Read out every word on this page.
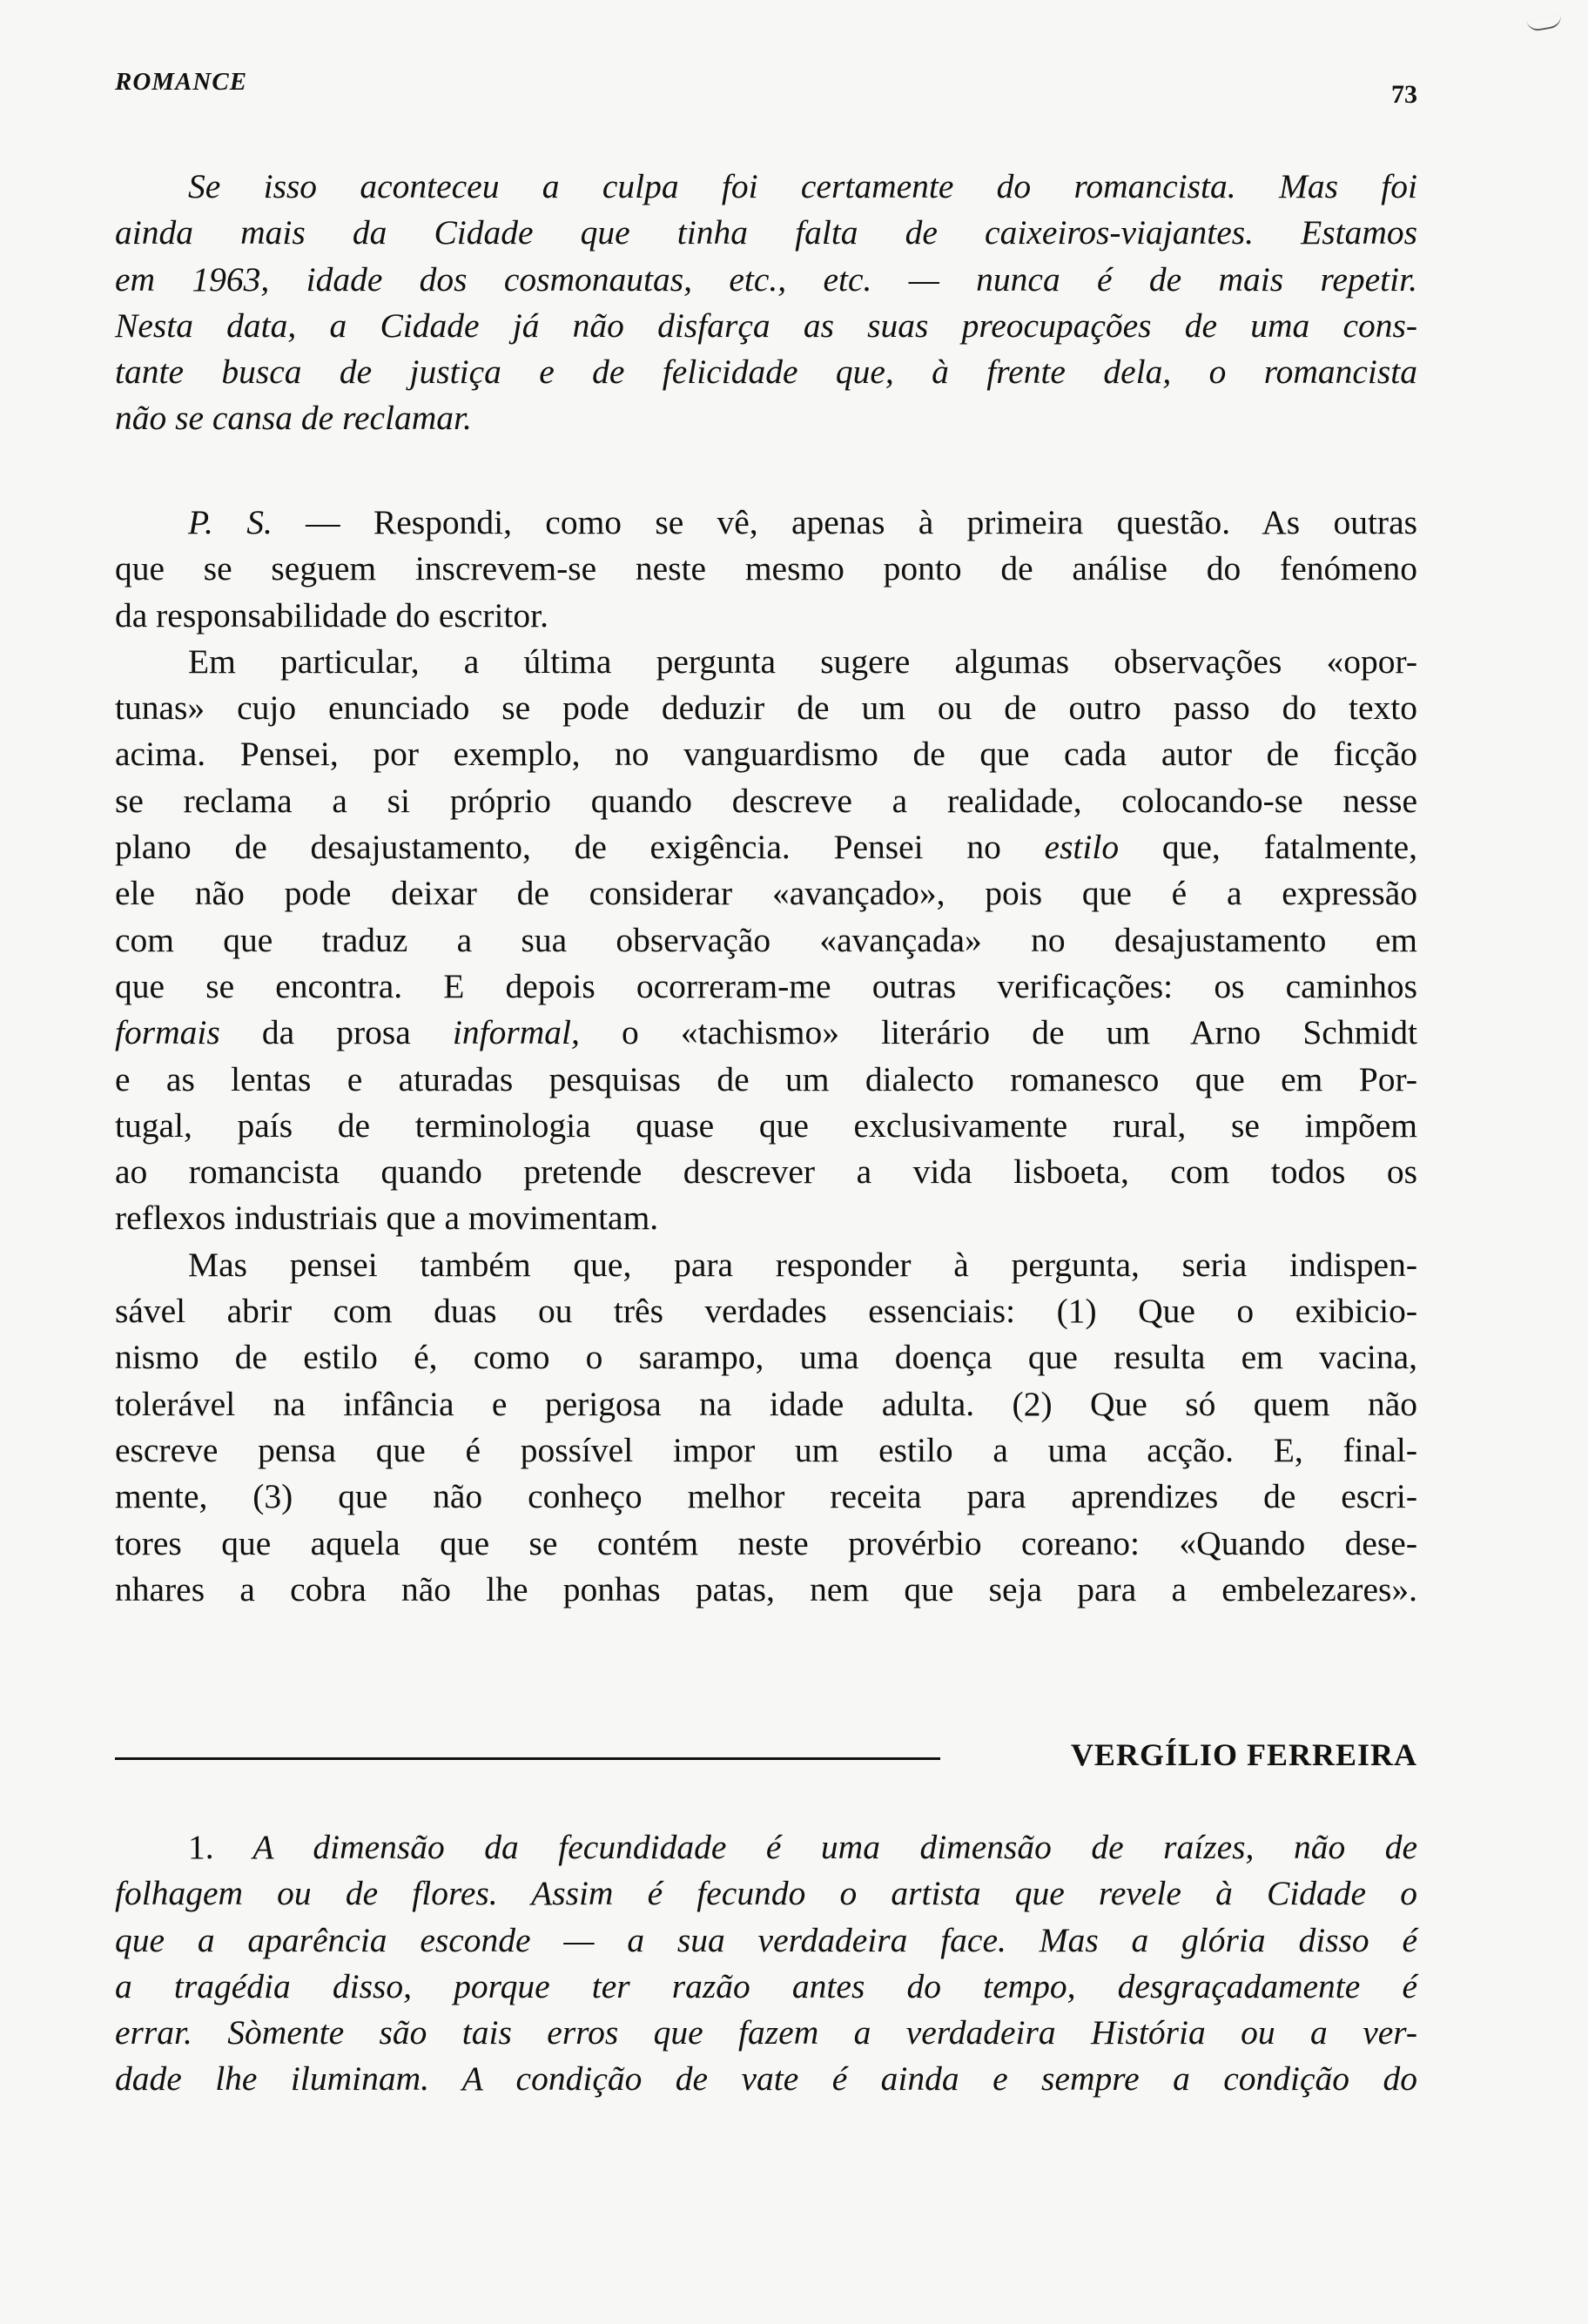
ROMANCE	73
Se isso aconteceu a culpa foi certamente do romancista. Mas foi
ainda mais da Cidade que tinha falta de caixeiros-viajantes. Estamos
em 1963, idade dos cosmonautas, etc., etc. — nunca é de mais repetir.
Nesta data, a Cidade já não disfarça as suas preocupações de uma cons-
tante busca de justiça e de felicidade que, à frente dela, o romancista
não se cansa de reclamar.
P. S. — Respondi, como se vê, apenas à primeira questão. As outras
que se seguem inscrevem-se neste mesmo ponto de análise do fenómeno
da responsabilidade do escritor.
Em particular, a última pergunta sugere algumas observações «opor-
tunas» cujo enunciado se pode deduzir de um ou de outro passo do texto
acima. Pensei, por exemplo, no vanguardismo de que cada autor de ficção
se reclama a si próprio quando descreve a realidade, colocando-se nesse
plano de desajustamento, de exigência. Pensei no estilo que, fatalmente,
ele não pode deixar de considerar «avançado», pois que é a expressão
com que traduz a sua observação «avançada» no desajustamento em
que se encontra. E depois ocorreram-me outras verificações: os caminhos
formais da prosa informal, o «tachismo» literário de um Arno Schmidt
e as lentas e aturadas pesquisas de um dialecto romanesco que em Por-
tugal, país de terminologia quase que exclusivamente rural, se impõem
ao romancista quando pretende descrever a vida lisboeta, com todos os
reflexos industriais que a movimentam.
Mas pensei também que, para responder à pergunta, seria indispen-
sável abrir com duas ou três verdades essenciais: (1) Que o exibicio-
nismo de estilo é, como o sarampo, uma doença que resulta em vacina,
tolerável na infância e perigosa na idade adulta. (2) Que só quem não
escreve pensa que é possível impor um estilo a uma acção. E, final-
mente, (3) que não conheço melhor receita para aprendizes de escri-
tores que aquela que se contém neste provérbio coreano: «Quando dese-
nhares a cobra não lhe ponhas patas, nem que seja para a embelezares».
VERGÍLIO FERREIRA
1. A dimensão da fecundidade é uma dimensão de raízes, não de
folhagem ou de flores. Assim é fecundo o artista que revele à Cidade o
que a aparência esconde — a sua verdadeira face. Mas a glória disso é
a tragédia disso, porque ter razão antes do tempo, desgraçadamente é
errar. Sòmente são tais erros que fazem a verdadeira História ou a ver-
dade lhe iluminam. A condição de vate é ainda e sempre a condição do
